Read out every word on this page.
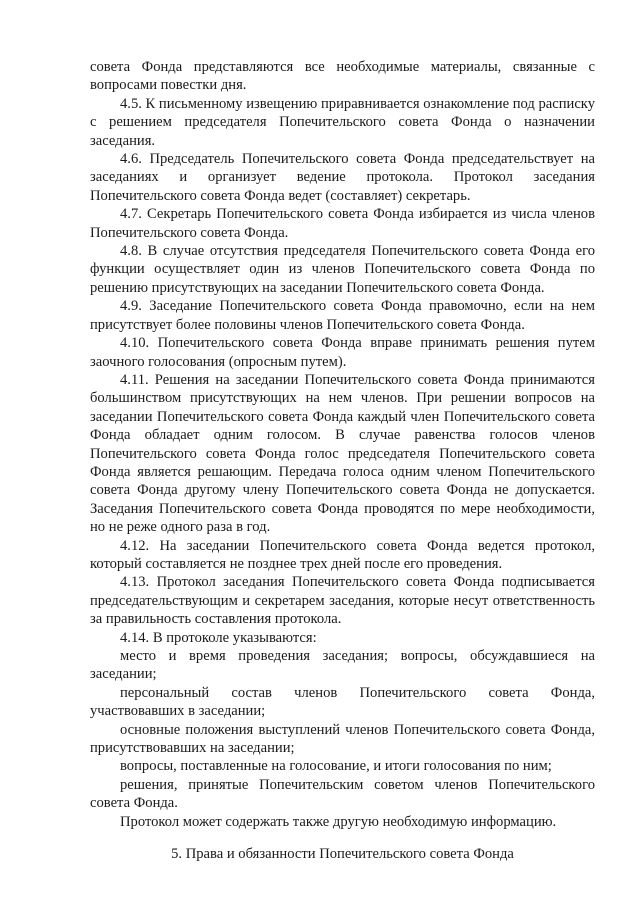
совета Фонда представляются все необходимые материалы, связанные с вопросами повестки дня.

4.5. К письменному извещению приравнивается ознакомление под расписку с решением председателя Попечительского совета Фонда о назначении заседания.

4.6. Председатель Попечительского совета Фонда председательствует на заседаниях и организует ведение протокола. Протокол заседания Попечительского совета Фонда ведет (составляет) секретарь.

4.7. Секретарь Попечительского совета Фонда избирается из числа членов Попечительского совета Фонда.

4.8. В случае отсутствия председателя Попечительского совета Фонда его функции осуществляет один из членов Попечительского совета Фонда по решению присутствующих на заседании Попечительского совета Фонда.

4.9. Заседание Попечительского совета Фонда правомочно, если на нем присутствует более половины членов Попечительского совета Фонда.

4.10. Попечительского совета Фонда вправе принимать решения путем заочного голосования (опросным путем).

4.11. Решения на заседании Попечительского совета Фонда принимаются большинством присутствующих на нем членов. При решении вопросов на заседании Попечительского совета Фонда каждый член Попечительского совета Фонда обладает одним голосом. В случае равенства голосов членов Попечительского совета Фонда голос председателя Попечительского совета Фонда является решающим. Передача голоса одним членом Попечительского совета Фонда другому члену Попечительского совета Фонда не допускается. Заседания Попечительского совета Фонда проводятся по мере необходимости, но не реже одного раза в год.

4.12. На заседании Попечительского совета Фонда ведется протокол, который составляется не позднее трех дней после его проведения.

4.13. Протокол заседания Попечительского совета Фонда подписывается председательствующим и секретарем заседания, которые несут ответственность за правильность составления протокола.

4.14. В протоколе указываются:

место и время проведения заседания; вопросы, обсуждавшиеся на заседании;

персональный состав членов Попечительского совета Фонда, участвовавших в заседании;

основные положения выступлений членов Попечительского совета Фонда, присутствовавших на заседании;

вопросы, поставленные на голосование, и итоги голосования по ним;

решения, принятые Попечительским советом членов Попечительского совета Фонда.

Протокол может содержать также другую необходимую информацию.

5. Права и обязанности Попечительского совета Фонда
